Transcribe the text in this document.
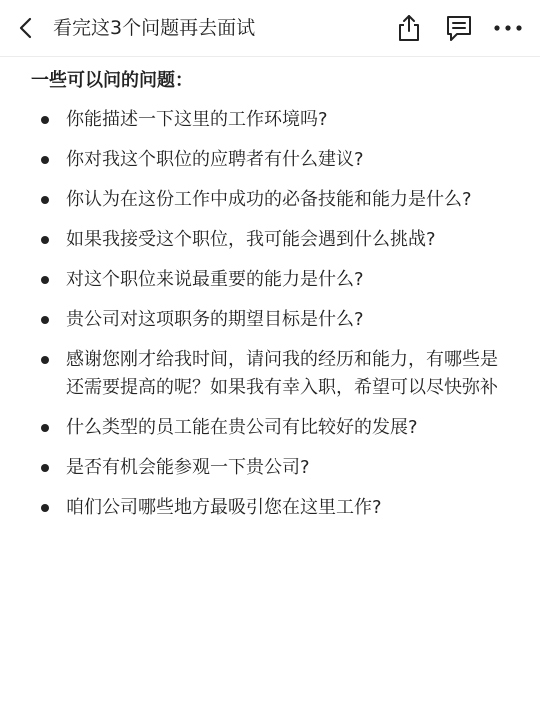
看完这3个问题再去面试
一些可以问的问题：
你能描述一下这里的工作环境吗?
你对我这个职位的应聘者有什么建议?
你认为在这份工作中成功的必备技能和能力是什么?
如果我接受这个职位，我可能会遇到什么挑战?
对这个职位来说最重要的能力是什么?
贵公司对这项职务的期望目标是什么?
感谢您刚才给我时间，请问我的经历和能力，有哪些是还需要提高的呢？如果我有幸入职，希望可以尽快弥补
什么类型的员工能在贵公司有比较好的发展?
是否有机会能参观一下贵公司?
咱们公司哪些地方最吸引您在这里工作?
